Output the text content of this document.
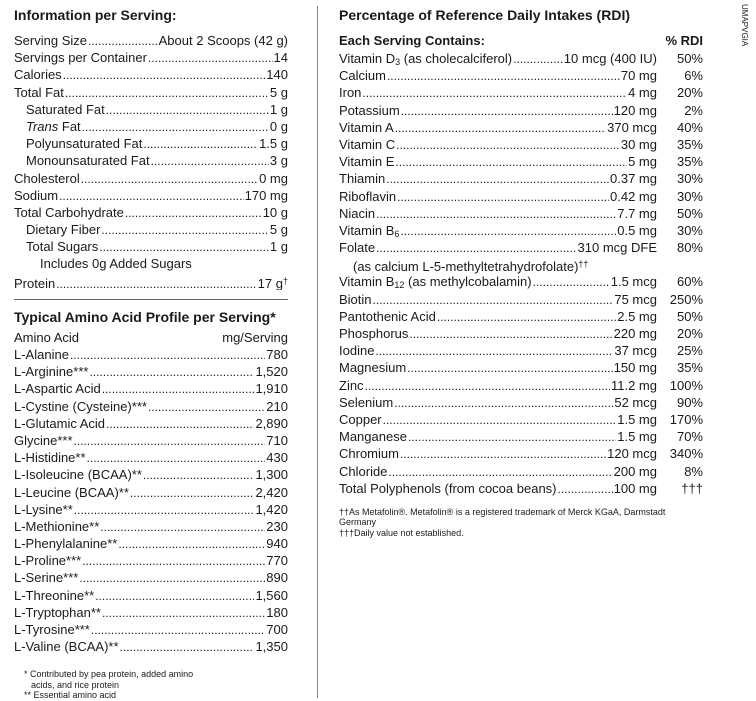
Information per Serving:
Serving Size .....	About 2 Scoops (42 g)
Servings per Container .....	14
Calories .....	140
Total Fat .....	5 g
Saturated Fat .....	1 g
Trans Fat .....	0 g
Polyunsaturated Fat .....	1.5 g
Monounsaturated Fat .....	3 g
Cholesterol .....	0 mg
Sodium .....	170 mg
Total Carbohydrate .....	10 g
Dietary Fiber .....	5 g
Total Sugars .....	1 g
Includes 0g Added Sugars
Protein .....	17 g†
Typical Amino Acid Profile per Serving*
Amino Acid	mg/Serving
L-Alanine .....	780
L-Arginine*** .....	1,520
L-Aspartic Acid .....	1,910
L-Cystine (Cysteine)*** .....	210
L-Glutamic Acid .....	2,890
Glycine*** .....	710
L-Histidine** .....	430
L-Isoleucine (BCAA)** .....	1,300
L-Leucine (BCAA)** .....	2,420
L-Lysine** .....	1,420
L-Methionine** .....	230
L-Phenylalanine** .....	940
L-Proline*** .....	770
L-Serine*** .....	890
L-Threonine** .....	1,560
L-Tryptophan** .....	180
L-Tyrosine*** .....	700
L-Valine (BCAA)** .....	1,350
* Contributed by pea protein, added amino
acids, and rice protein
** Essential amino acid
Percentage of Reference Daily Intakes (RDI)
Each Serving Contains:	% RDI
Vitamin $D_3$ (as cholecalciferol) .....	10 mcg (400 IU)	50%
Calcium .....	70 mg	6%
Iron .....	4 mg	20%
Potassium .....	120 mg	2%
Vitamin A .....	370 mcg	40%
Vitamin C .....	30 mg	35%
Vitamin E .....	5 mg	35%
Thiamin .....	0.37 mg	30%
Riboflavin .....	0.42 mg	30%
Niacin .....	7.7 mg	50%
Vitamin $B_6$ .....	0.5 mg	30%
Folate .....	310 mcg DFE	80%
(as calcium L-5-methyltetrahydrofolate)††
Vitamin $B_{12}$ (as methylcobalamin) .....	1.5 mcg	60%
Biotin .....	75 mcg 250%
Pantothenic Acid .....	2.5 mg	50%
Phosphorus .....	220 mg	20%
Iodine .....	37 mcg	25%
Magnesium .....	150 mg	35%
Zinc .....	11.2 mg 100%
Selenium .....	52 mcg	90%
Copper .....	1.5 mg 170%
Manganese .....	1.5 mg	70%
Chromium .....	120 mcg 340%
Chloride .....	200 mg	8%
Total Polyphenols (from cocoa beans) .....	100 mg	†††
††As Metafolin®. Metafolin® is a registered trademark of Merck KGaA, Darmstadt Germany
†††Daily value not established.
UMAPVGIA
